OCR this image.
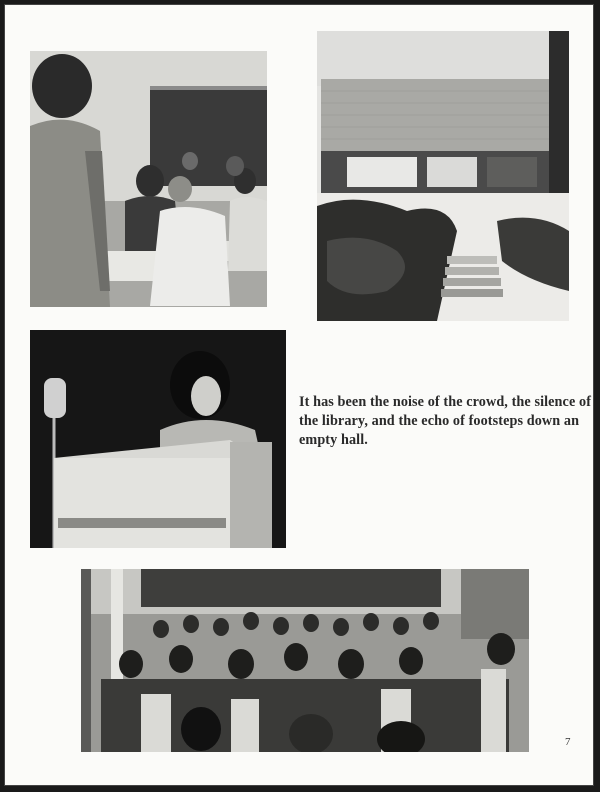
It has been the noise of the crowd, the silence of the library, and the echo of footsteps down an empty hall.
7
